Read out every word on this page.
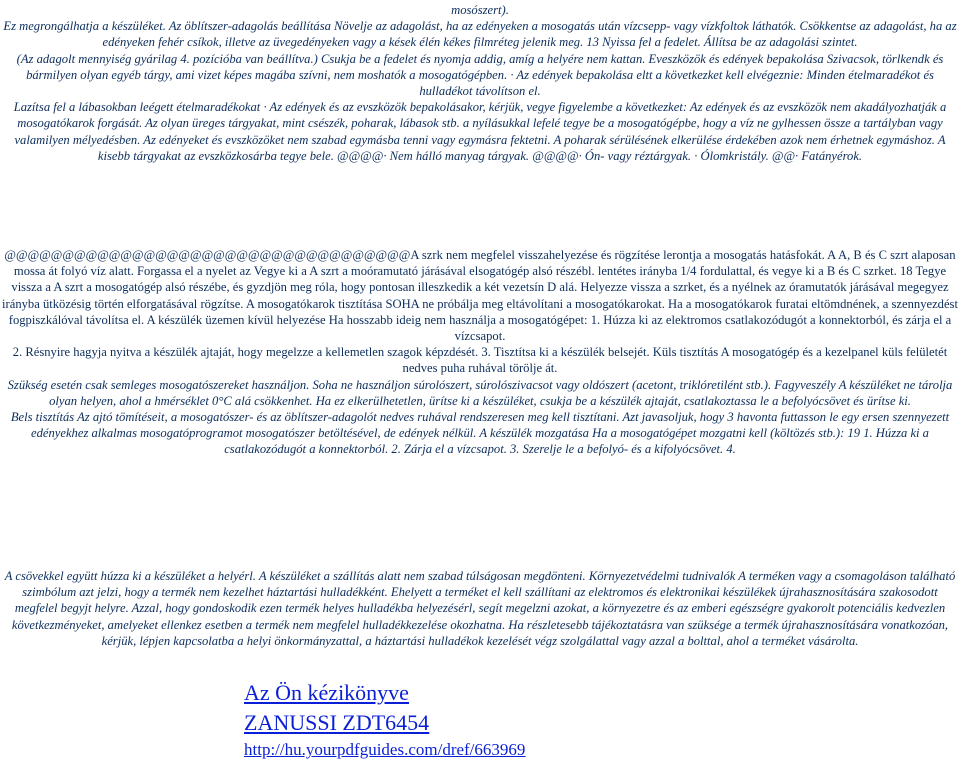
mosószert).

Ez megrongálhatja a készüléket. Az öblítszer-adagolás beállítása Növelje az adagolást, ha az edényeken a mosogatás után vízcsepp- vagy vízkfoltok láthatók. Csökkentse az adagolást, ha az edényeken fehér csíkok, illetve az üvegedényeken vagy a kések élén kékes filmréteg jelenik meg. 13 Nyissa fel a fedelet. Állítsa be az adagolási szintet.

(Az adagolt mennyiség gyárilag 4. pozícióba van beállítva.) Csukja be a fedelet és nyomja addig, amíg a helyére nem kattan. Eveszközök és edények bepakolása Szivacsok, törlkendk és bármilyen olyan egyéb tárgy, ami vizet képes magába szívni, nem moshatók a mosogatógépben. · Az edények bepakolása eltt a következket kell elvégeznie: Minden ételmaradékot és hulladékot távolítson el.

Lazítsa fel a lábasokban leégett ételmaradékokat · Az edények és az evszközök bepakolásakor, kérjük, vegye figyelembe a következket: Az edények és az evszközök nem akadályozhatják a mosogatókarok forgását. Az olyan üreges tárgyakat, mint csészék, poharak, lábasok stb. a nyílásukkal lefelé tegye be a mosogatógépbe, hogy a víz ne gylhessen össze a tartályban vagy valamilyen mélyedésben. Az edényeket és evszközöket nem szabad egymásba tenni vagy egymásra fektetni. A poharak sérülésének elkerülése érdekében azok nem érhetnek egymáshoz. A kisebb tárgyakat az evszközkosárba tegye bele. @@@@· Nem hálló manyag tárgyak. @@@@· Ón- vagy réztárgyak. · Ólomkristály. @@· Fatányérok.

@@@@@@@@@@@@@@@@@@@@@@@@@@@@@@@@@@@A szrk nem megfelel visszahelyezése és rögzítése lerontja a mosogatás hatásfokát. A A, B és C szrt alaposan mossa át folyó víz alatt. Forgassa el a nyelet az Vegye ki a A szrt a moóramutató járásával elsogatógép alsó részébl. lentétes irányba 1/4 fordulattal, és vegye ki a B és C szrket. 18 Tegye vissza a A szrt a mosogatógép alsó részébe, és gyzdjön meg róla, hogy pontosan illeszkedik a két vezetsín D alá. Helyezze vissza a szrket, és a nyélnek az óramutatók járásával megegyez irányba ütközésig történ elforgatásával rögzítse. A mosogatókarok tisztítása SOHA ne próbálja meg eltávolítani a mosogatókarokat. Ha a mosogatókarok furatai eltömdnének, a szennyezdést fogpiszkálóval távolítsa el. A készülék üzemen kívül helyezése Ha hosszabb ideig nem használja a mosogatógépet: 1. Húzza ki az elektromos csatlakozódugót a konnektorból, és zárja el a vízcsapot.

2. Résnyire hagyja nyitva a készülék ajtaját, hogy megelzze a kellemetlen szagok képzdését. 3. Tisztítsa ki a készülék belsejét. Küls tisztítás A mosogatógép és a kezelpanel küls felületét nedves puha ruhával törölje át.

Szükség esetén csak semleges mosogatószereket használjon. Soha ne használjon súrolószert, súrolószivacsot vagy oldószert (acetont, triklóretilént stb.). Fagyveszély A készüléket ne tárolja olyan helyen, ahol a hmérséklet 0°C alá csökkenhet. Ha ez elkerülhetetlen, ürítse ki a készüléket, csukja be a készülék ajtaját, csatlakoztassa le a befolyócsövet és ürítse ki.

Bels tisztítás Az ajtó tömítéseit, a mosogatószer- és az öblítszer-adagolót nedves ruhával rendszeresen meg kell tisztítani. Azt javasoljuk, hogy 3 havonta futtasson le egy ersen szennyezett edényekhez alkalmas mosogatóprogramot mosogatószer betöltésével, de edények nélkül. A készülék mozgatása Ha a mosogatógépet mozgatni kell (költözés stb.): 19 1. Húzza ki a csatlakozódugót a konnektorból. 2. Zárja el a vízcsapot. 3. Szerelje le a befolyó- és a kifolyócsövet. 4.

A csövekkel együtt húzza ki a készüléket a helyérl. A készüléket a szállítás alatt nem szabad túlságosan megdönteni. Környezetvédelmi tudnivalók A terméken vagy a csomagoláson található szimbólum azt jelzi, hogy a termék nem kezelhet háztartási hulladékként. Ehelyett a terméket el kell szállítani az elektromos és elektronikai készülékek újrahasznosítására szakosodott megfelel begyjt helyre. Azzal, hogy gondoskodik ezen termék helyes hulladékba helyezésérl, segít megelzni azokat, a környezetre és az emberi egészségre gyakorolt potenciális kedvezlen következményeket, amelyeket ellenkez esetben a termék nem megfelel hulladékkezelése okozhatna. Ha részletesebb tájékoztatásra van szüksége a termék újrahasznosítására vonatkozóan, kérjük, lépjen kapcsolatba a helyi önkormányzattal, a háztartási hulladékok kezelését végz szolgálattal vagy azzal a bolttal, ahol a terméket vásárolta.

Az Ön kézikönyve
ZANUSSI ZDT6454
http://hu.yourpdfguides.com/dref/663969
